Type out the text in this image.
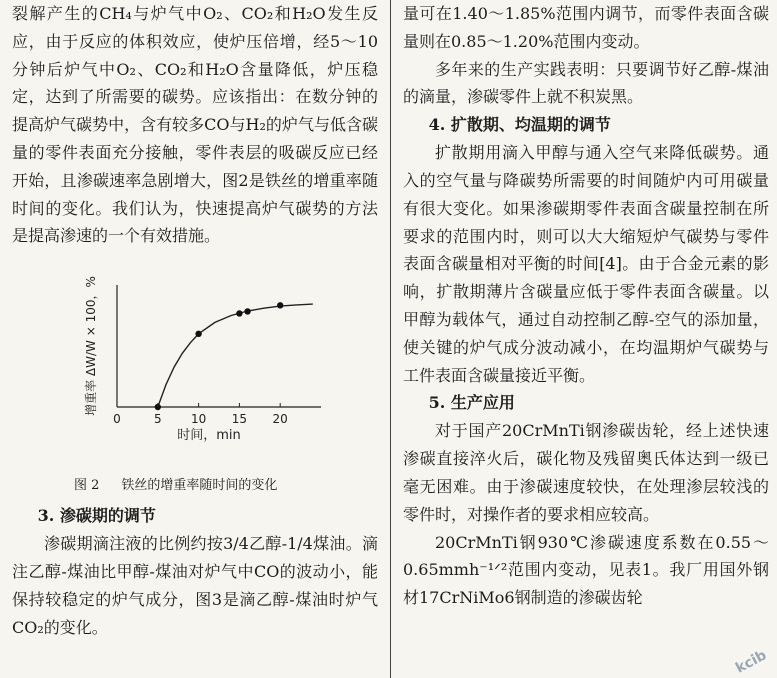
裂解产生的CH₄与炉气中O₂、CO₂和H₂O发生反应，由于反应的体积效应，使炉压倍增，经5～10分钟后炉气中O₂、CO₂和H₂O含量降低，炉压稳定，达到了所需要的碳势。应该指出：在数分钟的提高炉气碳势中，含有较多CO与H₂的炉气与低含碳量的零件表面充分接触，零件表层的吸碳反应已经开始，且渗碳速率急剧增大，图2是铁丝的增重率随时间的变化。我们认为，快速提高炉气碳势的方法是提高渗速的一个有效措施。

0	5 10 15 20
时间，min
增重率 ΔW/W × 100，%

图 2 铁丝的增重率随时间的变化

3. 渗碳期的调节

渗碳期滴注液的比例约按3/4乙醇-1/4煤油。滴注乙醇-煤油比甲醇-煤油对炉气中CO的波动小，能保持较稳定的炉气成分，图3是滴乙醇-煤油时炉气CO₂的变化。

量可在1.40～1.85%范围内调节，而零件表面含碳量则在0.85～1.20%范围内变动。

多年来的生产实践表明：只要调节好乙醇-煤油的滴量，渗碳零件上就不积炭黑。

4. 扩散期、均温期的调节

扩散期用滴入甲醇与通入空气来降低碳势。通入的空气量与降碳势所需要的时间随炉内可用碳量有很大变化。如果渗碳期零件表面含碳量控制在所要求的范围内时，则可以大大缩短炉气碳势与零件表面含碳量相对平衡的时间[4]。由于合金元素的影响，扩散期薄片含碳量应低于零件表面含碳量。以甲醇为载体气，通过自动控制乙醇-空气的添加量，使关键的炉气成分波动减小，在均温期炉气碳势与工件表面含碳量接近平衡。

5. 生产应用

对于国产20CrMnTi钢渗碳齿轮，经上述快速渗碳直接淬火后，碳化物及残留奥氏体达到一级已毫无困难。由于渗碳速度较快，在处理渗层较浅的零件时，对操作者的要求相应较高。

20CrMnTi钢930℃渗碳速度系数在0.55～0.65mmh⁻¹ᐟ²范围内变动，见表1。我厂用国外钢材17CrNiMo6钢制造的渗碳齿轮

kcib
